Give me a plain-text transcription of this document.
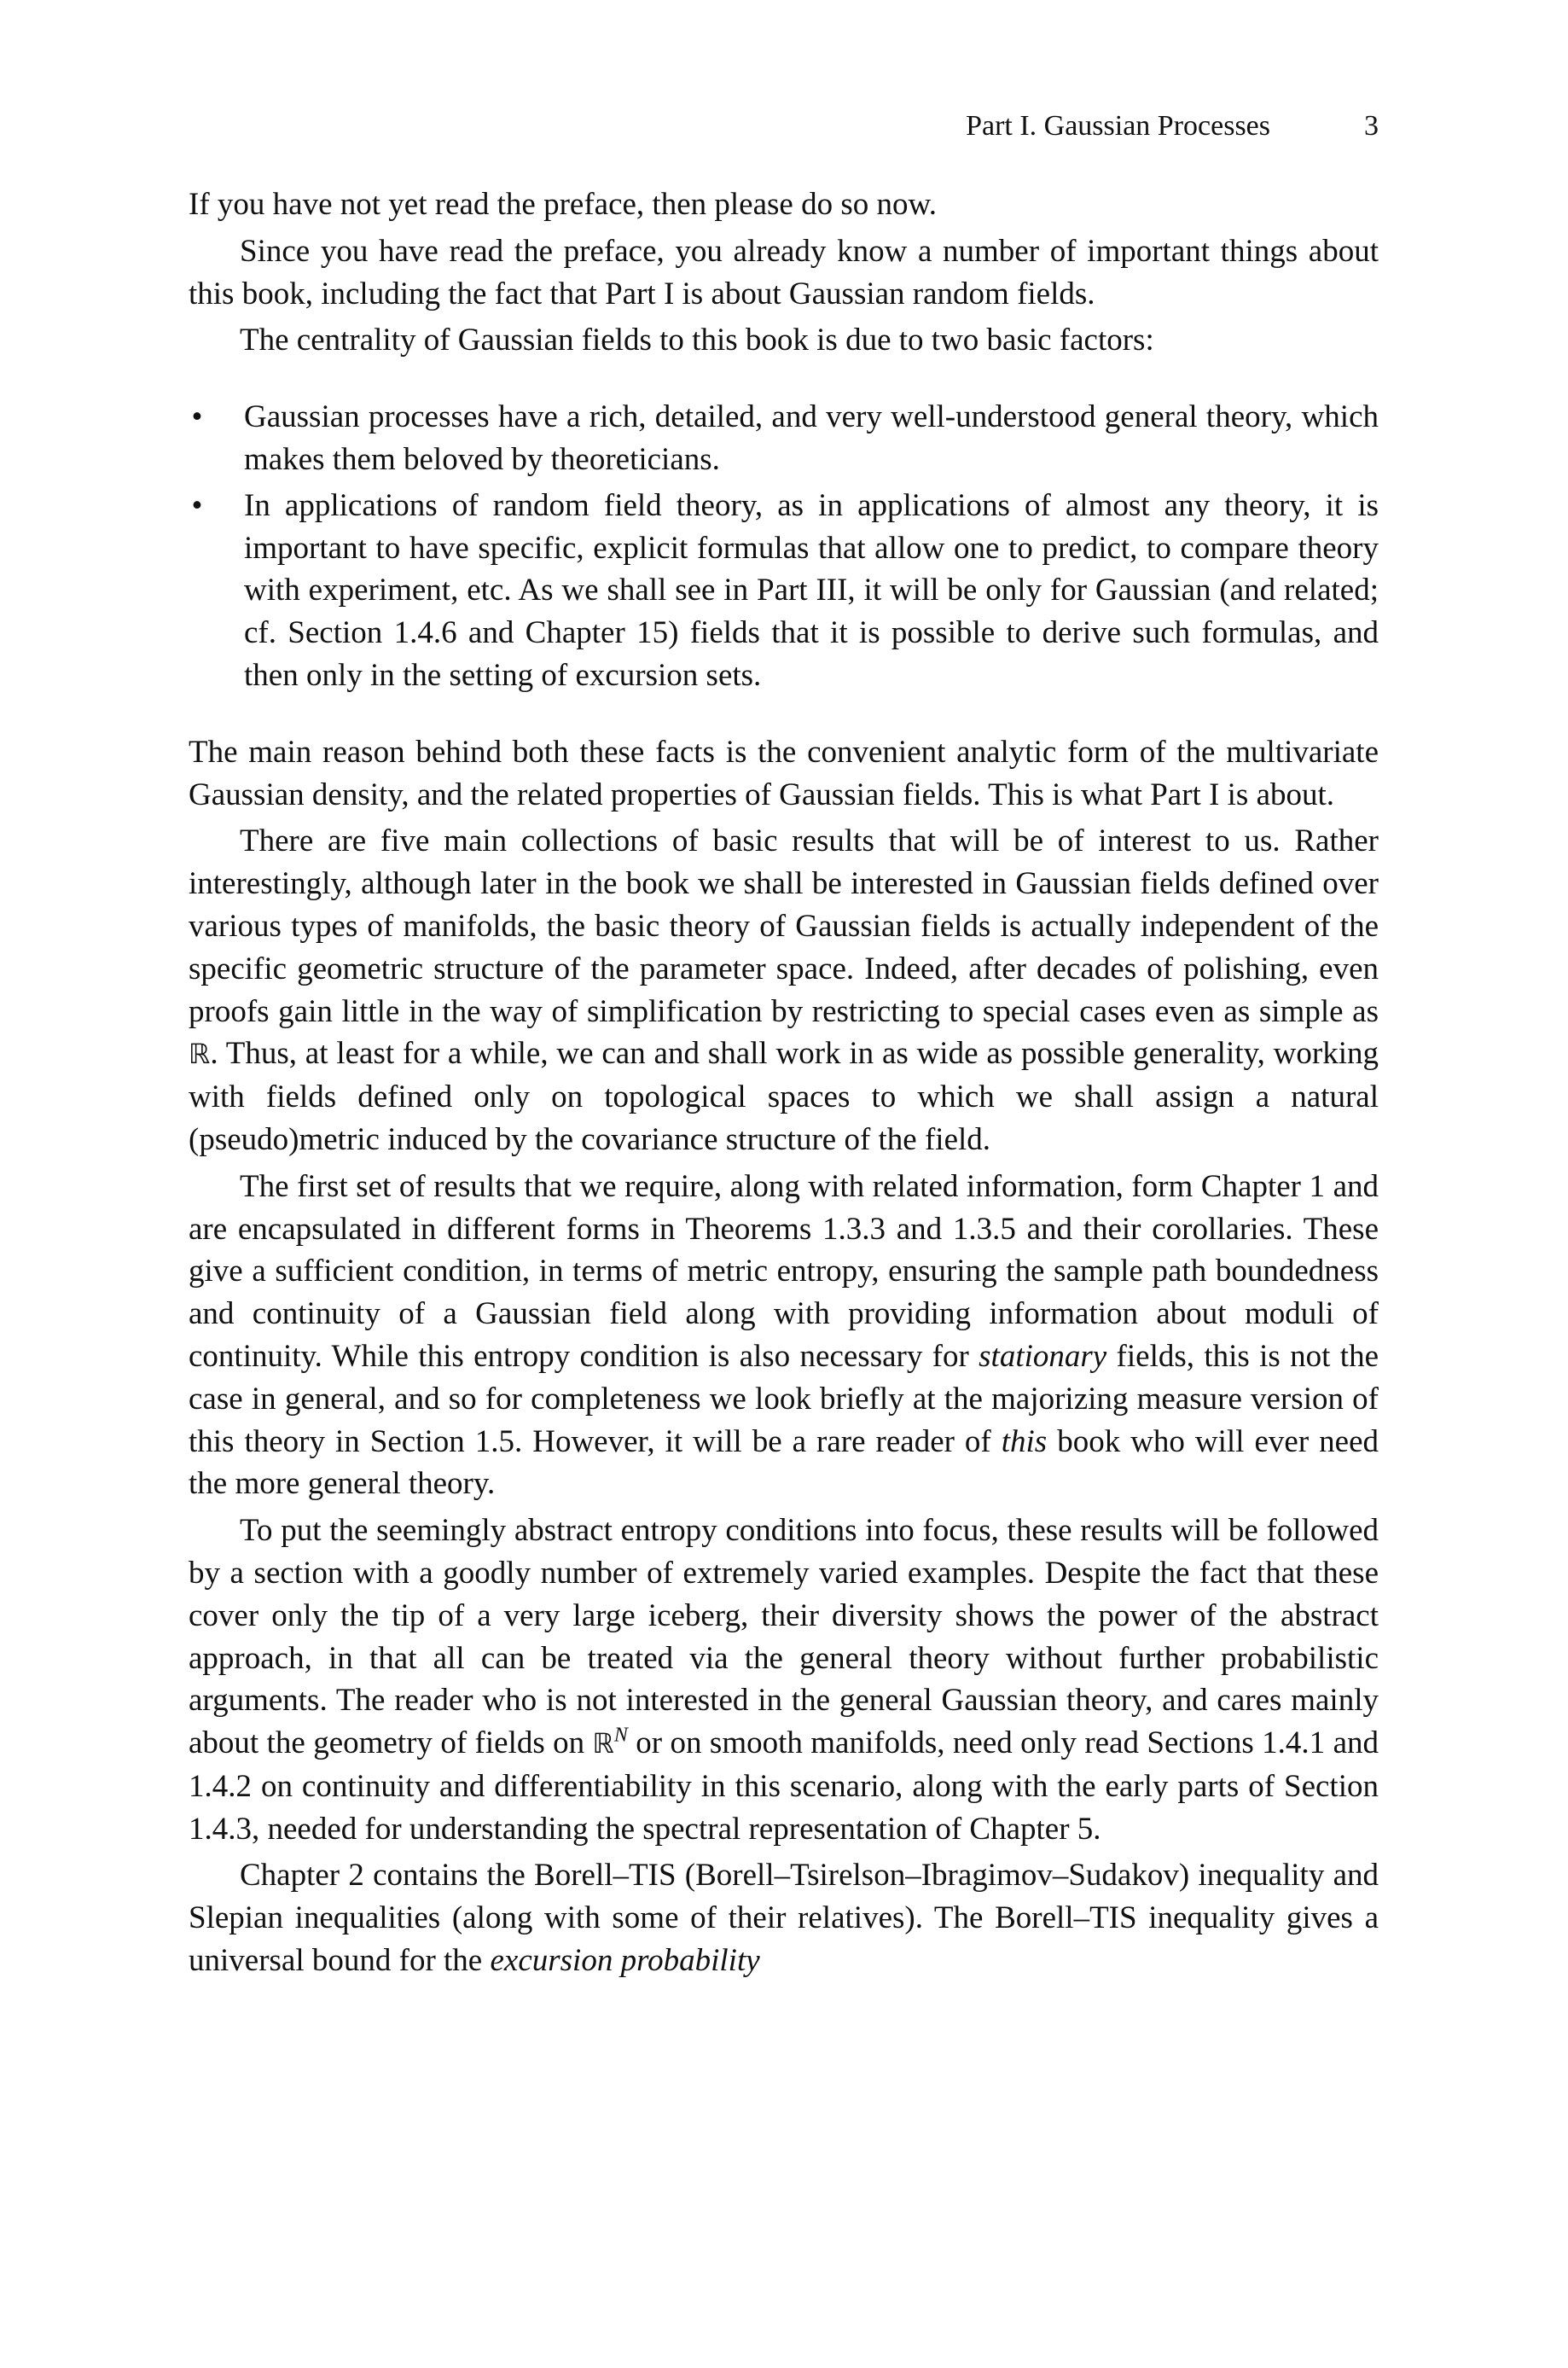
Part I. Gaussian Processes	3

If you have not yet read the preface, then please do so now.

Since you have read the preface, you already know a number of important things about this book, including the fact that Part I is about Gaussian random fields.

The centrality of Gaussian fields to this book is due to two basic factors:

• Gaussian processes have a rich, detailed, and very well-understood general theory, which makes them beloved by theoreticians.
• In applications of random field theory, as in applications of almost any theory, it is important to have specific, explicit formulas that allow one to predict, to compare theory with experiment, etc. As we shall see in Part III, it will be only for Gaussian (and related; cf. Section 1.4.6 and Chapter 15) fields that it is possible to derive such formulas, and then only in the setting of excursion sets.

The main reason behind both these facts is the convenient analytic form of the multivariate Gaussian density, and the related properties of Gaussian fields. This is what Part I is about.

There are five main collections of basic results that will be of interest to us. Rather interestingly, although later in the book we shall be interested in Gaussian fields defined over various types of manifolds, the basic theory of Gaussian fields is actually independent of the specific geometric structure of the parameter space. Indeed, after decades of polishing, even proofs gain little in the way of simplification by restricting to special cases even as simple as ℝ. Thus, at least for a while, we can and shall work in as wide as possible generality, working with fields defined only on topological spaces to which we shall assign a natural (pseudo)metric induced by the covariance structure of the field.

The first set of results that we require, along with related information, form Chapter 1 and are encapsulated in different forms in Theorems 1.3.3 and 1.3.5 and their corollaries. These give a sufficient condition, in terms of metric entropy, ensuring the sample path boundedness and continuity of a Gaussian field along with providing information about moduli of continuity. While this entropy condition is also necessary for stationary fields, this is not the case in general, and so for completeness we look briefly at the majorizing measure version of this theory in Section 1.5. However, it will be a rare reader of this book who will ever need the more general theory.

To put the seemingly abstract entropy conditions into focus, these results will be followed by a section with a goodly number of extremely varied examples. Despite the fact that these cover only the tip of a very large iceberg, their diversity shows the power of the abstract approach, in that all can be treated via the general theory without further probabilistic arguments. The reader who is not interested in the general Gaussian theory, and cares mainly about the geometry of fields on ℝ$^N$ or on smooth manifolds, need only read Sections 1.4.1 and 1.4.2 on continuity and differentiability in this scenario, along with the early parts of Section 1.4.3, needed for understanding the spectral representation of Chapter 5.

Chapter 2 contains the Borell–TIS (Borell–Tsirelson–Ibragimov–Sudakov) inequality and Slepian inequalities (along with some of their relatives). The Borell–TIS inequality gives a universal bound for the excursion probability
